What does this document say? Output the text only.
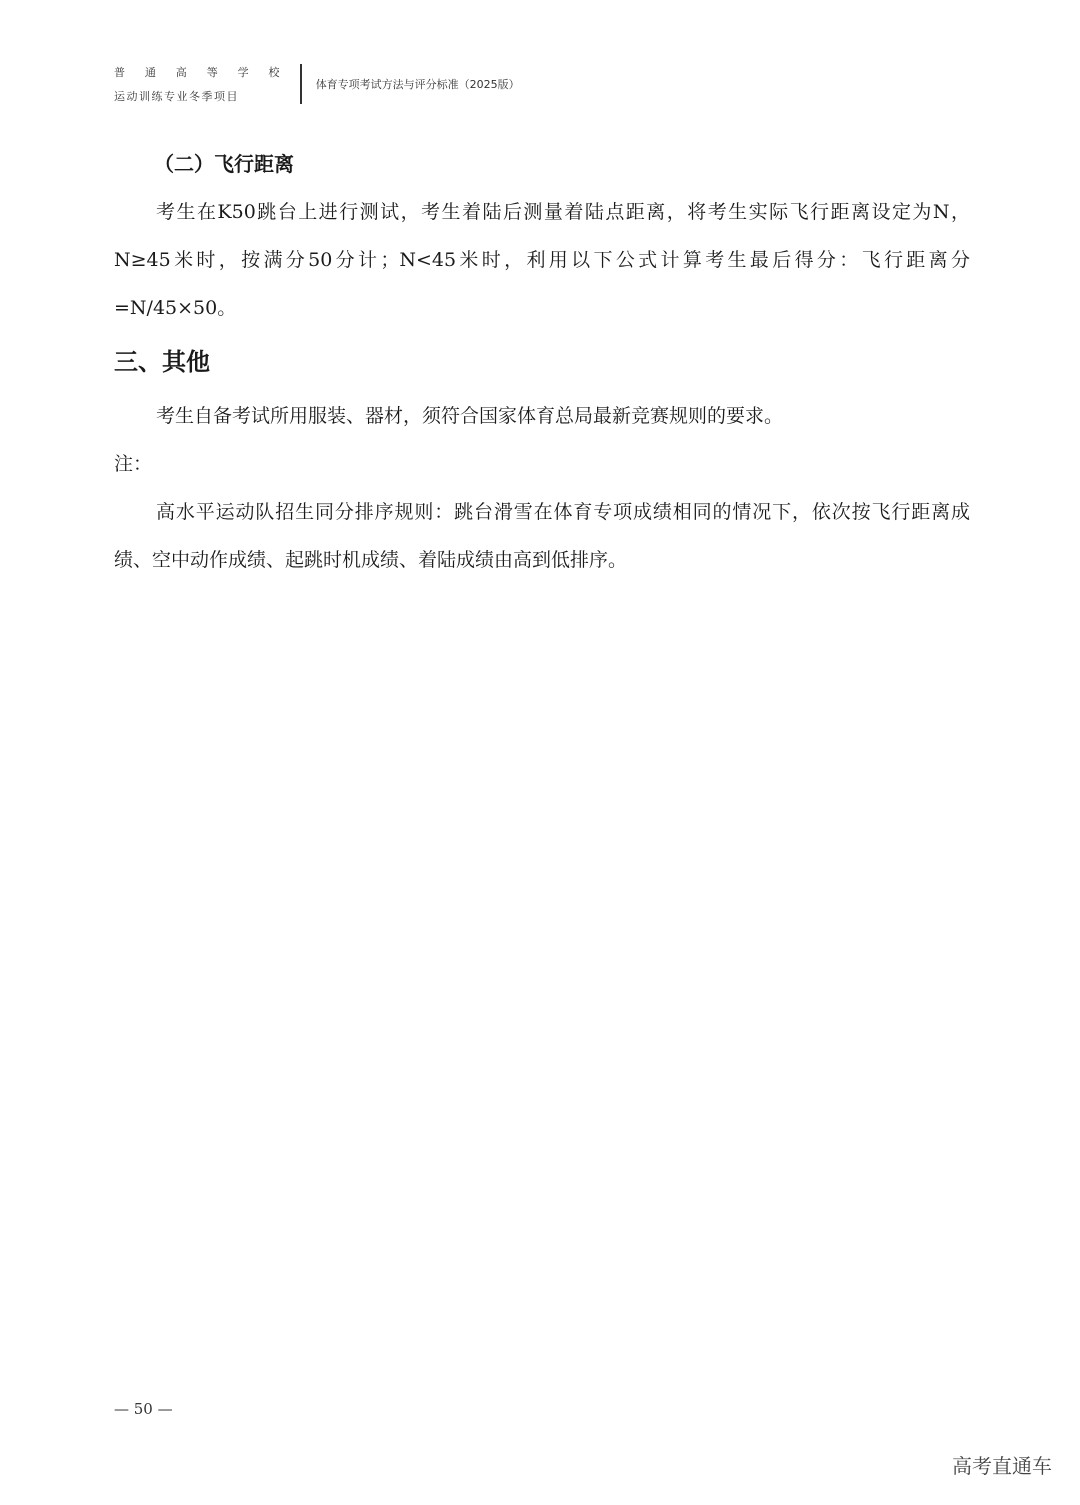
普 通 高 等 学 校
运动训练专业冬季项目
体育专项考试方法与评分标准（2025版）
（二）飞行距离

考生在K50跳台上进行测试，考生着陆后测量着陆点距离，将考生实际飞行距离设定为N，N≥45米时，按满分50分计；N<45米时，利用以下公式计算考生最后得分：飞行距离分=N/45×50。

三、其他

考生自备考试所用服装、器材，须符合国家体育总局最新竞赛规则的要求。

注：

高水平运动队招生同分排序规则：跳台滑雪在体育专项成绩相同的情况下，依次按飞行距离成绩、空中动作成绩、起跳时机成绩、着陆成绩由高到低排序。

— 50 —
高考直通车
